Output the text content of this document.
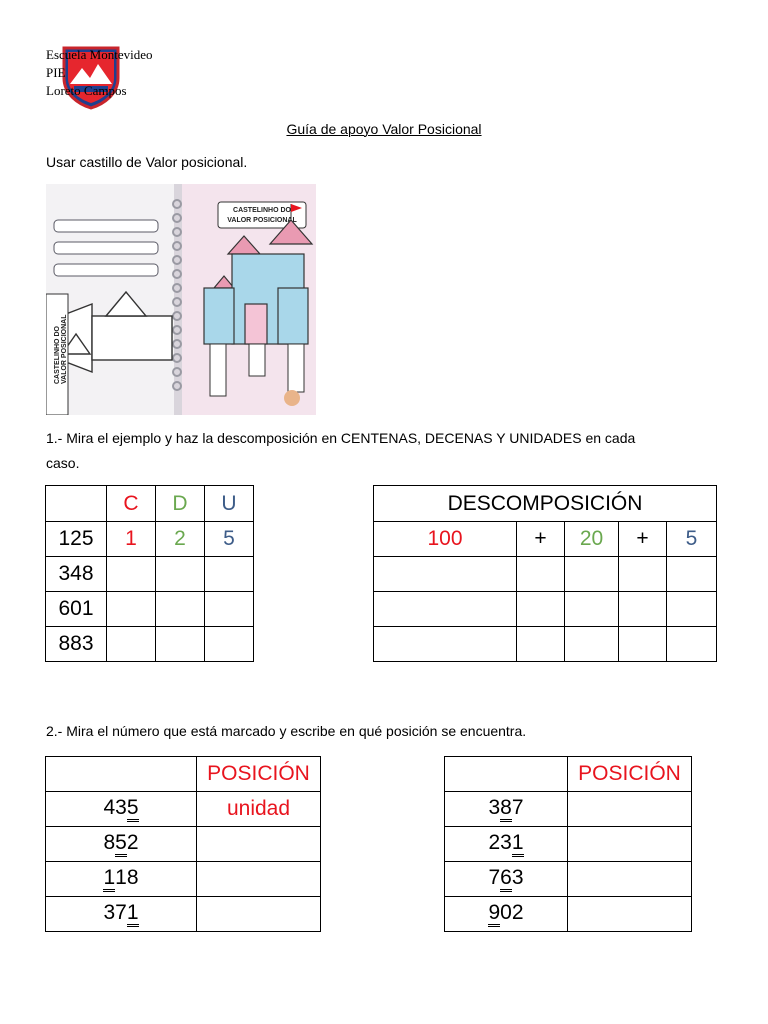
Escuela Montevideo
PIE
Loreto Campos
Guía de apoyo Valor Posicional
Usar castillo de Valor posicional.
CASTELINHO DO VALOR POSICIONAL
CASTELINHO DO
VALOR POSICIONAL
1.- Mira el ejemplo y haz la descomposición en CENTENAS, DECENAS Y UNIDADES en cada
caso.
	C	D	U
125	1	2	5
348			
601			
883			
DESCOMPOSICIÓN				
100	+	20	+	5

2.- Mira el número que está marcado y escribe en qué posición se encuentra.
	POSICIÓN
435	unidad
852	
118	
371	
	POSICIÓN
387	
231	
763	
902	
